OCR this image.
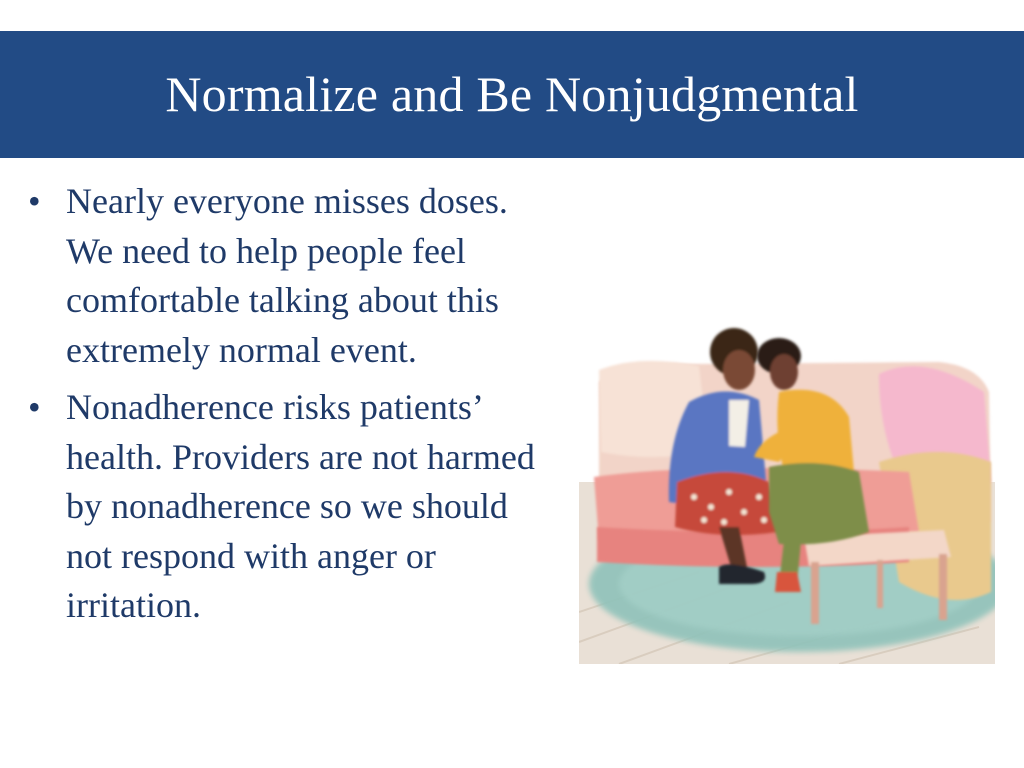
Normalize and Be Nonjudgmental
• Nearly everyone misses doses. We need to help people feel comfortable talking about this extremely normal event.
• Nonadherence risks patients’ health. Providers are not harmed by nonadherence so we should not respond with anger or irritation.
